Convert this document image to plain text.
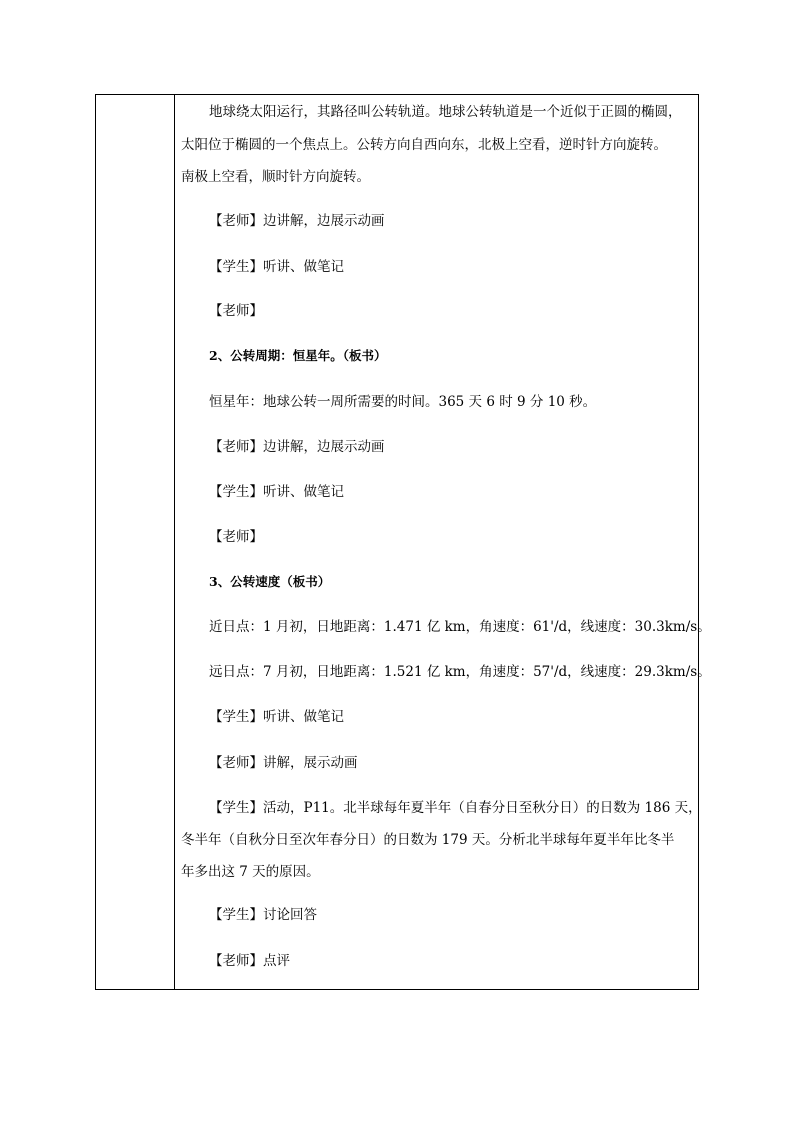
地球绕太阳运行，其路径叫公转轨道。地球公转轨道是一个近似于正圆的椭圆，
太阳位于椭圆的一个焦点上。公转方向自西向东，北极上空看，逆时针方向旋转。
南极上空看，顺时针方向旋转。
【老师】边讲解，边展示动画
【学生】听讲、做笔记
【老师】
2、公转周期：恒星年。（板书）
恒星年：地球公转一周所需要的时间。365 天 6 时 9 分 10 秒。
【老师】边讲解，边展示动画
【学生】听讲、做笔记
【老师】
3、公转速度（板书）
近日点：1 月初，日地距离：1.471 亿 km，角速度：61'/d，线速度：30.3km/s。
远日点：7 月初，日地距离：1.521 亿 km，角速度：57'/d，线速度：29.3km/s。
【学生】听讲、做笔记
【老师】讲解，展示动画
【学生】活动，P11。北半球每年夏半年（自春分日至秋分日）的日数为 186 天，
冬半年（自秋分日至次年春分日）的日数为 179 天。分析北半球每年夏半年比冬半
年多出这 7 天的原因。
【学生】讨论回答
【老师】点评
